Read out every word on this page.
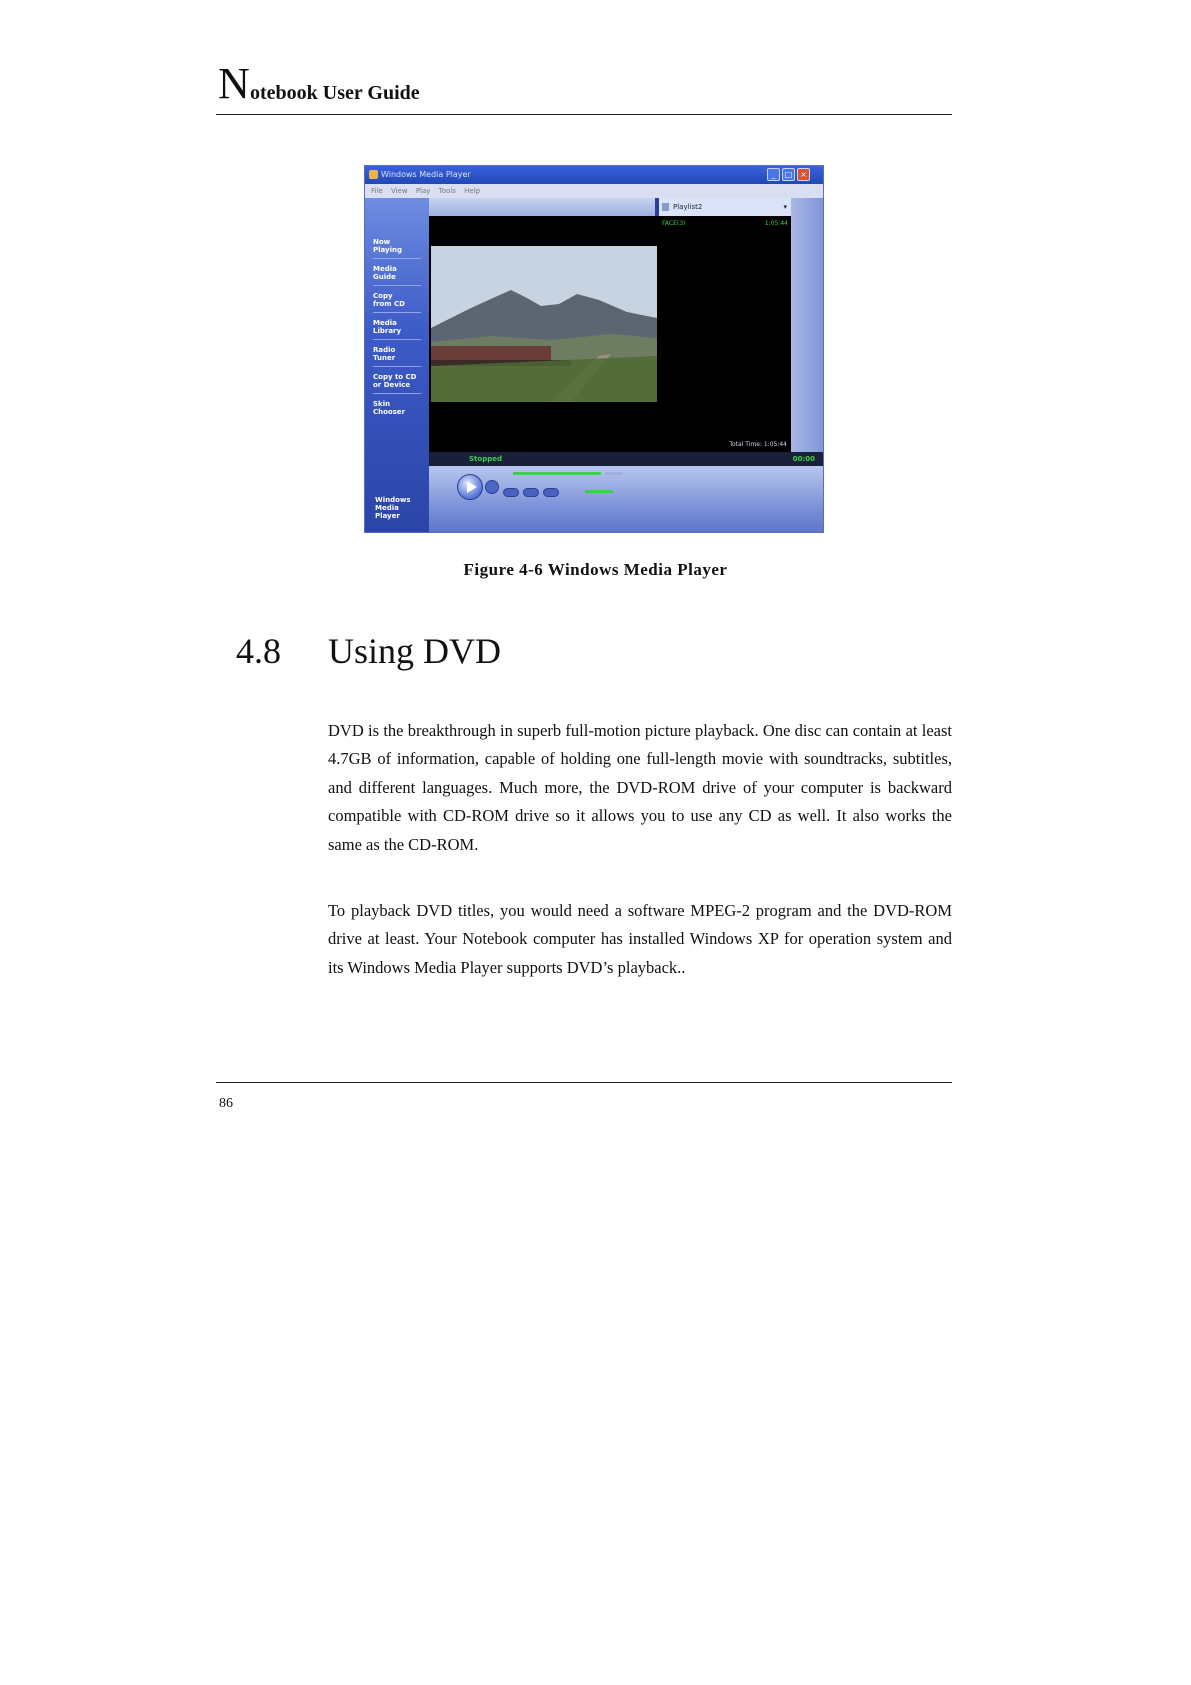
N otebook User Guide
Windows Media Player	_	□ ×
File View Play Tools Help
Now
Playing
Media
Guide
Copy
from CD
Media
Library
Radio
Tuner
Copy to CD
or Device
Skin
Chooser
Windows
Media Player
Playlist2	▾
FACE(3)	1:05:44
Total Time: 1:05:44
Stopped	00:00
Figure 4-6 Windows Media Player
4.8 Using DVD

DVD is the breakthrough in superb full-motion picture playback. One disc can contain at least 4.7GB of information, capable of holding one full-length movie with soundtracks, subtitles, and different languages. Much more, the DVD-ROM drive of your computer is backward compatible with CD-ROM drive so it allows you to use any CD as well. It also works the same as the CD-ROM.

To playback DVD titles, you would need a software MPEG-2 program and the DVD-ROM drive at least. Your Notebook computer has installed Windows XP for operation system and its Windows Media Player supports DVD’s playback..

86
